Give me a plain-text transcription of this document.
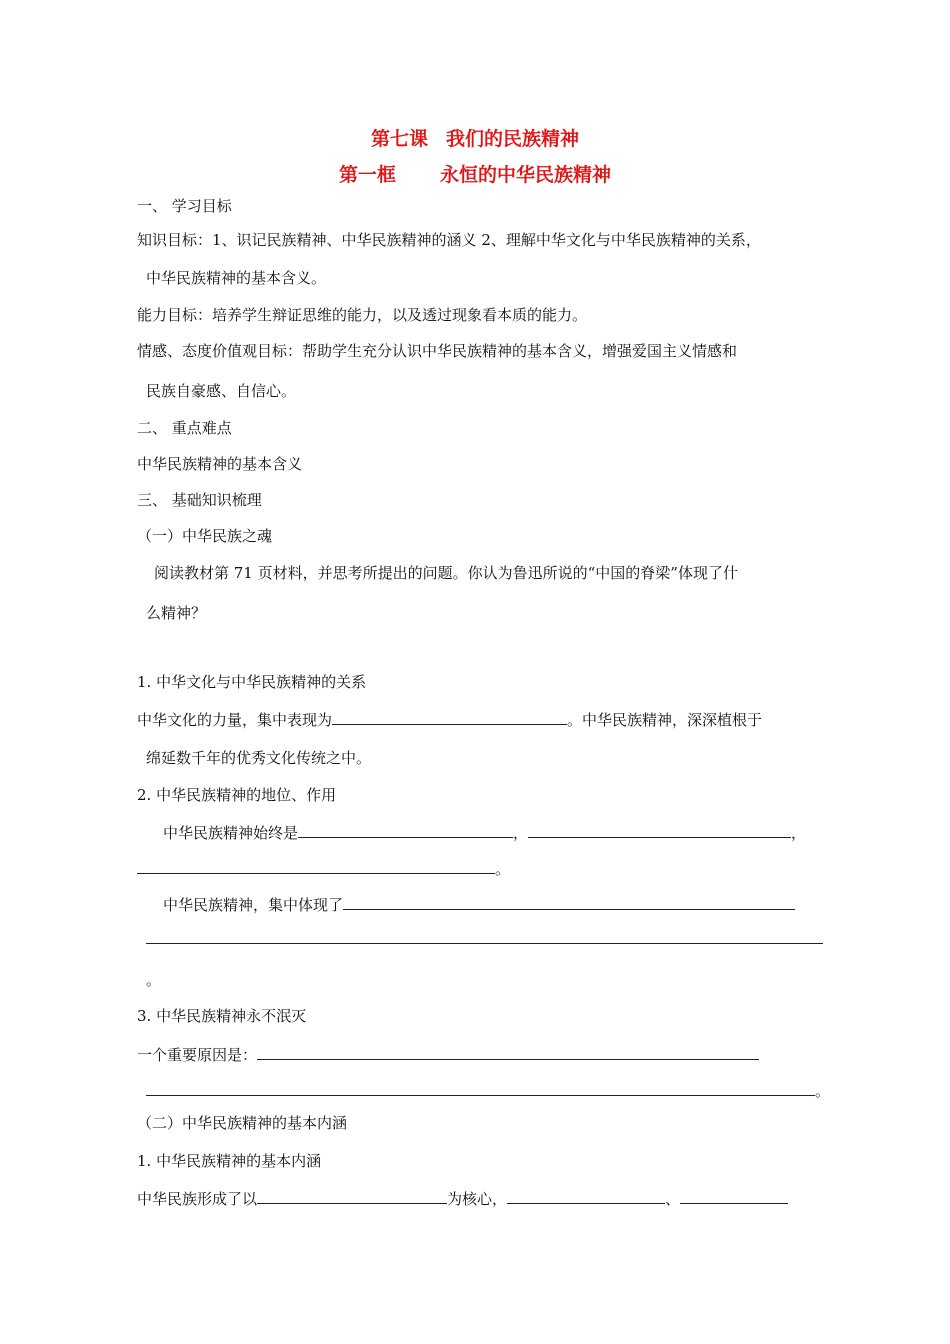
第七课 我们的民族精神
第一框 永恒的中华民族精神
一、 学习目标
知识目标：1、识记民族精神、中华民族精神的涵义 2、理解中华文化与中华民族精神的关系，
中华民族精神的基本含义。
能力目标：培养学生辩证思维的能力，以及透过现象看本质的能力。
情感、态度价值观目标：帮助学生充分认识中华民族精神的基本含义，增强爱国主义情感和
民族自豪感、自信心。
二、 重点难点
中华民族精神的基本含义
三、 基础知识梳理
（一）中华民族之魂
阅读教材第 71 页材料，并思考所提出的问题。你认为鲁迅所说的“中国的脊梁”体现了什
么精神？
1. 中华文化与中华民族精神的关系
中华文化的力量，集中表现为	。中华民族精神，深深植根于
绵延数千年的优秀文化传统之中。
2. 中华民族精神的地位、作用
中华民族精神始终是	，	，
。
中华民族精神，集中体现了
。
3. 中华民族精神永不泯灭
一个重要原因是：
。
（二）中华民族精神的基本内涵
1. 中华民族精神的基本内涵
中华民族形成了以	为核心，	、
